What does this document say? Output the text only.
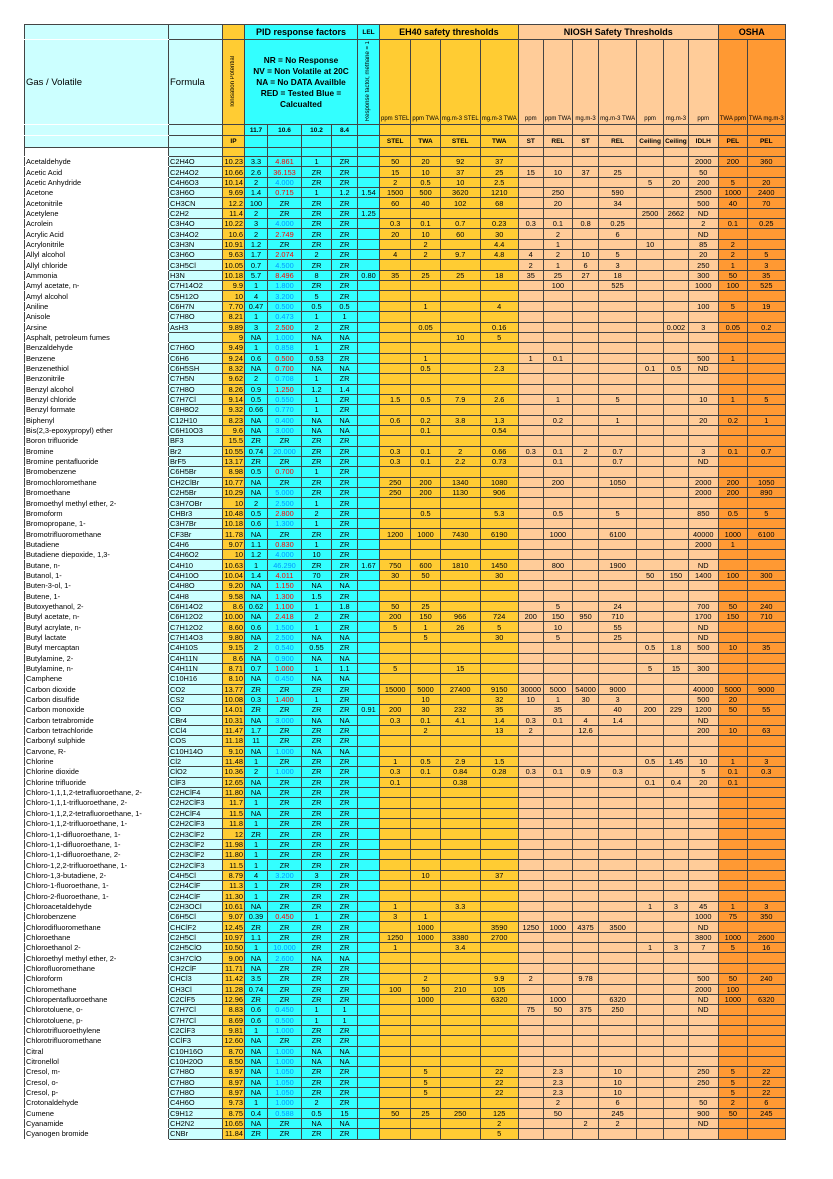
			PID response factors				LEL	EH40 safety thresholds				NIOSH Safety Thresholds							OSHA	
Gas / Volatile	Formula	Ionisation Potential	NR = No Response
NV = Non Volatile at 20C
NA = No DATA Availble
RED = Tested Blue = Calcualted				Response factor, methane = 1	ppm STEL	ppm TWA	mg.m-3 STEL	mg.m-3 TWA	ppm	ppm TWA	mg.m-3	mg.m-3 TWA	ppm	mg.m-3	ppm	TWA ppm	TWA mg.m-3
			11.7	10.6	10.2	8.4														
		IP						STEL	TWA	STEL	TWA	ST	REL	ST	REL	Ceiling	Ceiling	IDLH	PEL	PEL

Acetaldehyde	C2H4O	10.23	3.3	4.861	1	ZR		50	20	92	37							2000	200	360
Acetic Acid	C2H4O2	10.66	2.6	36.153	ZR	ZR		15	10	37	25	15	10	37	25			50		
Acetic Anhydride	C4H6O3	10.14	2	4.000	ZR	ZR		2	0.5	10	2.5					5	20	200	5	20
Acetone	C3H6O	9.69	1.4	0.715	1	1.2	1.54	1500	500	3620	1210		250		590			2500	1000	2400
Acetonitrile	CH3CN	12.2	100	ZR	ZR	ZR		60	40	102	68		20		34			500	40	70
Acetylene	C2H2	11.4	2	ZR	ZR	ZR	1.25									2500	2662	ND		
Acrolein	C3H4O	10.22	3	4.000	ZR	ZR		0.3	0.1	0.7	0.23	0.3	0.1	0.8	0.25			2	0.1	0.25
Acrylic Acid	C3H4O2	10.6	2	2.749	ZR	ZR		20	10	60	30		2		6			ND		
Acrylonitrile	C3H3N	10.91	1.2	ZR	ZR	ZR			2		4.4		1			10		85	2	
Allyl alcohol	C3H6O	9.63	1.7	2.074	2	ZR		4	2	9.7	4.8	4	2	10	5			20	2	5
Allyl chloride	C3H5Cl	10.05	0.7	4.500	ZR	ZR						2	1	6	3			250	1	3
Ammonia	H3N	10.18	5.7	8.496	8	ZR	0.80	35	25	25	18	35	25	27	18			300	50	35
Amyl acetate, n-	C7H14O2	9.9	1	1.800	ZR	ZR							100		525			1000	100	525
Amyl alcohol	C5H12O	10	4	3.200	5	ZR														
Aniline	C6H7N	7.70	0.47	0.500	0.5	0.5			1		4							100	5	19
Anisole	C7H8O	8.21	1	0.473	1	1														
Arsine	AsH3	9.89	3	2.500	2	ZR			0.05		0.16						0.002	3	0.05	0.2
Asphalt, petroleum fumes		9	NA	1.000	NA	NA				10	5									
Benzaldehyde	C7H6O	9.49	1	0.858	1	ZR														
Benzene	C6H6	9.24	0.6	0.500	0.53	ZR			1			1	0.1					500	1	
Benzenethiol	C6H5SH	8.32	NA	0.700	NA	NA			0.5		2.3					0.1	0.5	ND		
Benzonitrile	C7H5N	9.62	2	0.708	1	ZR														
Benzyl alcohol	C7H8O	8.26	0.9	1.250	1.2	1.4														
Benzyl chloride	C7H7Cl	9.14	0.5	0.550	1	ZR		1.5	0.5	7.9	2.6		1		5			10	1	5
Benzyl formate	C8H8O2	9.32	0.66	0.770	1	ZR														
Biphenyl	C12H10	8.23	NA	0.400	NA	NA		0.6	0.2	3.8	1.3		0.2		1			20	0.2	1
Bis(2,3-epoxypropyl) ether	C6H10O3	9.6	NA	3.000	NA	NA			0.1		0.54									
Boron trifluoride	BF3	15.5	ZR	ZR	ZR	ZR														
Bromine	Br2	10.55	0.74	20.000	ZR	ZR		0.3	0.1	2	0.66	0.3	0.1	2	0.7			3	0.1	0.7
Bromine pentafluoride	BrF5	13.17	ZR	ZR	ZR	ZR		0.3	0.1	2.2	0.73		0.1		0.7			ND		
Bromobenzene	C6H5Br	8.98	0.5	0.700	1	ZR														
Bromochloromethane	CH2ClBr	10.77	NA	ZR	ZR	ZR		250	200	1340	1080		200		1050			2000	200	1050
Bromoethane	C2H5Br	10.29	NA	5.000	ZR	ZR		250	200	1130	906							2000	200	890
Bromoethyl methyl ether, 2-	C3H7OBr	10	2	2.500	1	ZR														
Bromoform	CHBr3	10.48	0.5	2.800	2	ZR			0.5		5.3		0.5		5			850	0.5	5
Bromopropane, 1-	C3H7Br	10.18	0.6	1.300	1	ZR														
Bromotrifluoromethane	CF3Br	11.78	NA	ZR	ZR	ZR		1200	1000	7430	6190		1000		6100			40000	1000	6100
Butadiene	C4H6	9.07	1.1	0.830	1	ZR												2000	1	
Butadiene diepoxide, 1,3-	C4H6O2	10	1.2	4.000	10	ZR														
Butane, n-	C4H10	10.63	1	46.290	ZR	ZR	1.67	750	600	1810	1450		800		1900			ND		
Butanol, 1-	C4H10O	10.04	1.4	4.011	70	ZR		30	50		30					50	150	1400	100	300
Buten-3-ol, 1-	C4H8O	9.20	NA	1.150	NA	NA														
Butene, 1-	C4H8	9.58	NA	1.300	1.5	ZR														
Butoxyethanol, 2-	C6H14O2	8.6	0.62	1.100	1	1.8		50	25				5		24			700	50	240
Butyl acetate, n-	C6H12O2	10.00	NA	2.418	2	ZR		200	150	966	724	200	150	950	710			1700	150	710
Butyl acrylate, n-	C7H12O2	8.60	0.6	1.500	1	ZR		5	1	26	5		10		55			ND		
Butyl lactate	C7H14O3	9.80	NA	2.500	NA	NA			5		30		5		25			ND		
Butyl mercaptan	C4H10S	9.15	2	0.540	0.55	ZR										0.5	1.8	500	10	35
Butylamine, 2-	C4H11N	8.6	NA	0.900	NA	NA														
Butylamine, n-	C4H11N	8.71	0.7	1.000	1	1.1		5		15						5	15	300		
Camphene	C10H16	8.10	NA	0.450	NA	NA														
Carbon dioxide	CO2	13.77	ZR	ZR	ZR	ZR		15000	5000	27400	9150	30000	5000	54000	9000			40000	5000	9000
Carbon disulfide	CS2	10.08	0.3	1.400	1	ZR			10		32	10	1	30	3			500	20	
Carbon monoxide	CO	14.01	ZR	ZR	ZR	ZR	0.91	200	30	232	35		35		40	200	229	1200	50	55
Carbon tetrabromide	CBr4	10.31	NA	3.000	NA	NA		0.3	0.1	4.1	1.4	0.3	0.1	4	1.4			ND		
Carbon tetrachloride	CCl4	11.47	1.7	ZR	ZR	ZR			2		13	2		12.6				200	10	63
Carbonyl sulphide	COS	11.18	11	ZR	ZR	ZR														
Carvone, R-	C10H14O	9.10	NA	1.000	NA	NA														
Chlorine	Cl2	11.48	1	ZR	ZR	ZR		1	0.5	2.9	1.5					0.5	1.45	10	1	3
Chlorine dioxide	ClO2	10.36	2	1.000	ZR	ZR		0.3	0.1	0.84	0.28	0.3	0.1	0.9	0.3			5	0.1	0.3
Chlorine trifluoride	ClF3	12.65	NA	ZR	ZR	ZR		0.1		0.38						0.1	0.4	20	0.1	
Chloro-1,1,1,2-tetrafluoroethane, 2-	C2HClF4	11.80	NA	ZR	ZR	ZR														
Chloro-1,1,1-trifluoroethane, 2-	C2H2ClF3	11.7	1	ZR	ZR	ZR														
Chloro-1,1,2,2-tetrafluoroethane, 1-	C2HClF4	11.5	NA	ZR	ZR	ZR														
Chloro-1,1,2-trifluoroethane, 1-	C2H2ClF3	11.8	1	ZR	ZR	ZR														
Chloro-1,1-difluoroethane, 1-	C2H3ClF2	12	ZR	ZR	ZR	ZR														
Chloro-1,1-difluoroethane, 1-	C2H3ClF2	11.98	1	ZR	ZR	ZR														
Chloro-1,1-difluoroethane, 2-	C2H3ClF2	11.80	1	ZR	ZR	ZR														
Chloro-1,2,2-trifluoroethane, 1-	C2H2ClF3	11.5	1	ZR	ZR	ZR														
Chloro-1,3-butadiene, 2-	C4H5Cl	8.79	4	3.200	3	ZR			10		37									
Chloro-1-fluoroethane, 1-	C2H4ClF	11.3	1	ZR	ZR	ZR														
Chloro-2-fluoroethane, 1-	C2H4ClF	11.30	1	ZR	ZR	ZR														
Chloroacetaldehyde	C2H3OCl	10.61	NA	ZR	ZR	ZR		1		3.3						1	3	45	1	3
Chlorobenzene	C6H5Cl	9.07	0.39	0.450	1	ZR		3	1									1000	75	350
Chlorodifluoromethane	CHClF2	12.45	ZR	ZR	ZR	ZR			1000		3590	1250	1000	4375	3500			ND		
Chloroethane	C2H5Cl	10.97	1.1	ZR	ZR	ZR		1250	1000	3380	2700							3800	1000	2600
Chloroethanol 2-	C2H5ClO	10.50	1	10.000	ZR	ZR		1		3.4						1	3	7	5	16
Chloroethyl methyl ether, 2-	C3H7ClO	9.00	NA	2.600	NA	NA														
Chlorofluoromethane	CH2ClF	11.71	NA	ZR	ZR	ZR														
Chloroform	CHCl3	11.42	3.5	ZR	ZR	ZR			2		9.9	2		9.78				500	50	240
Chloromethane	CH3Cl	11.28	0.74	ZR	ZR	ZR		100	50	210	105							2000	100	
Chloropentafluoroethane	C2ClF5	12.96	ZR	ZR	ZR	ZR			1000		6320		1000		6320			ND	1000	6320
Chlorotoluene, o-	C7H7Cl	8.83	0.6	0.450	1	1						75	50	375	250			ND		
Chlorotoluene, p-	C7H7Cl	8.69	0.6	0.500	1	1														
Chlorotrifluoroethylene	C2ClF3	9.81	1	1.000	ZR	ZR														
Chlorotrifluoromethane	CClF3	12.60	NA	ZR	ZR	ZR														
Citral	C10H16O	8.70	NA	1.000	NA	NA														
Citronellol	C10H20O	8.50	NA	1.000	NA	NA														
Cresol, m-	C7H8O	8.97	NA	1.050	ZR	ZR			5		22		2.3		10			250	5	22
Cresol, o-	C7H8O	8.97	NA	1.050	ZR	ZR			5		22		2.3		10			250	5	22
Cresol, p-	C7H8O	8.97	NA	1.050	ZR	ZR			5		22		2.3		10				5	22
Crotonaldehyde	C4H6O	9.73	1	1.000	2	ZR							2		6			50	2	6
Cumene	C9H12	8.75	0.4	0.588	0.5	15		50	25	250	125		50		245			900	50	245
Cyanamide	CH2N2	10.65	NA	ZR	NA	NA					2			2	2			ND		
Cyanogen bromide	CNBr	11.84	ZR	ZR	ZR	ZR					5									
